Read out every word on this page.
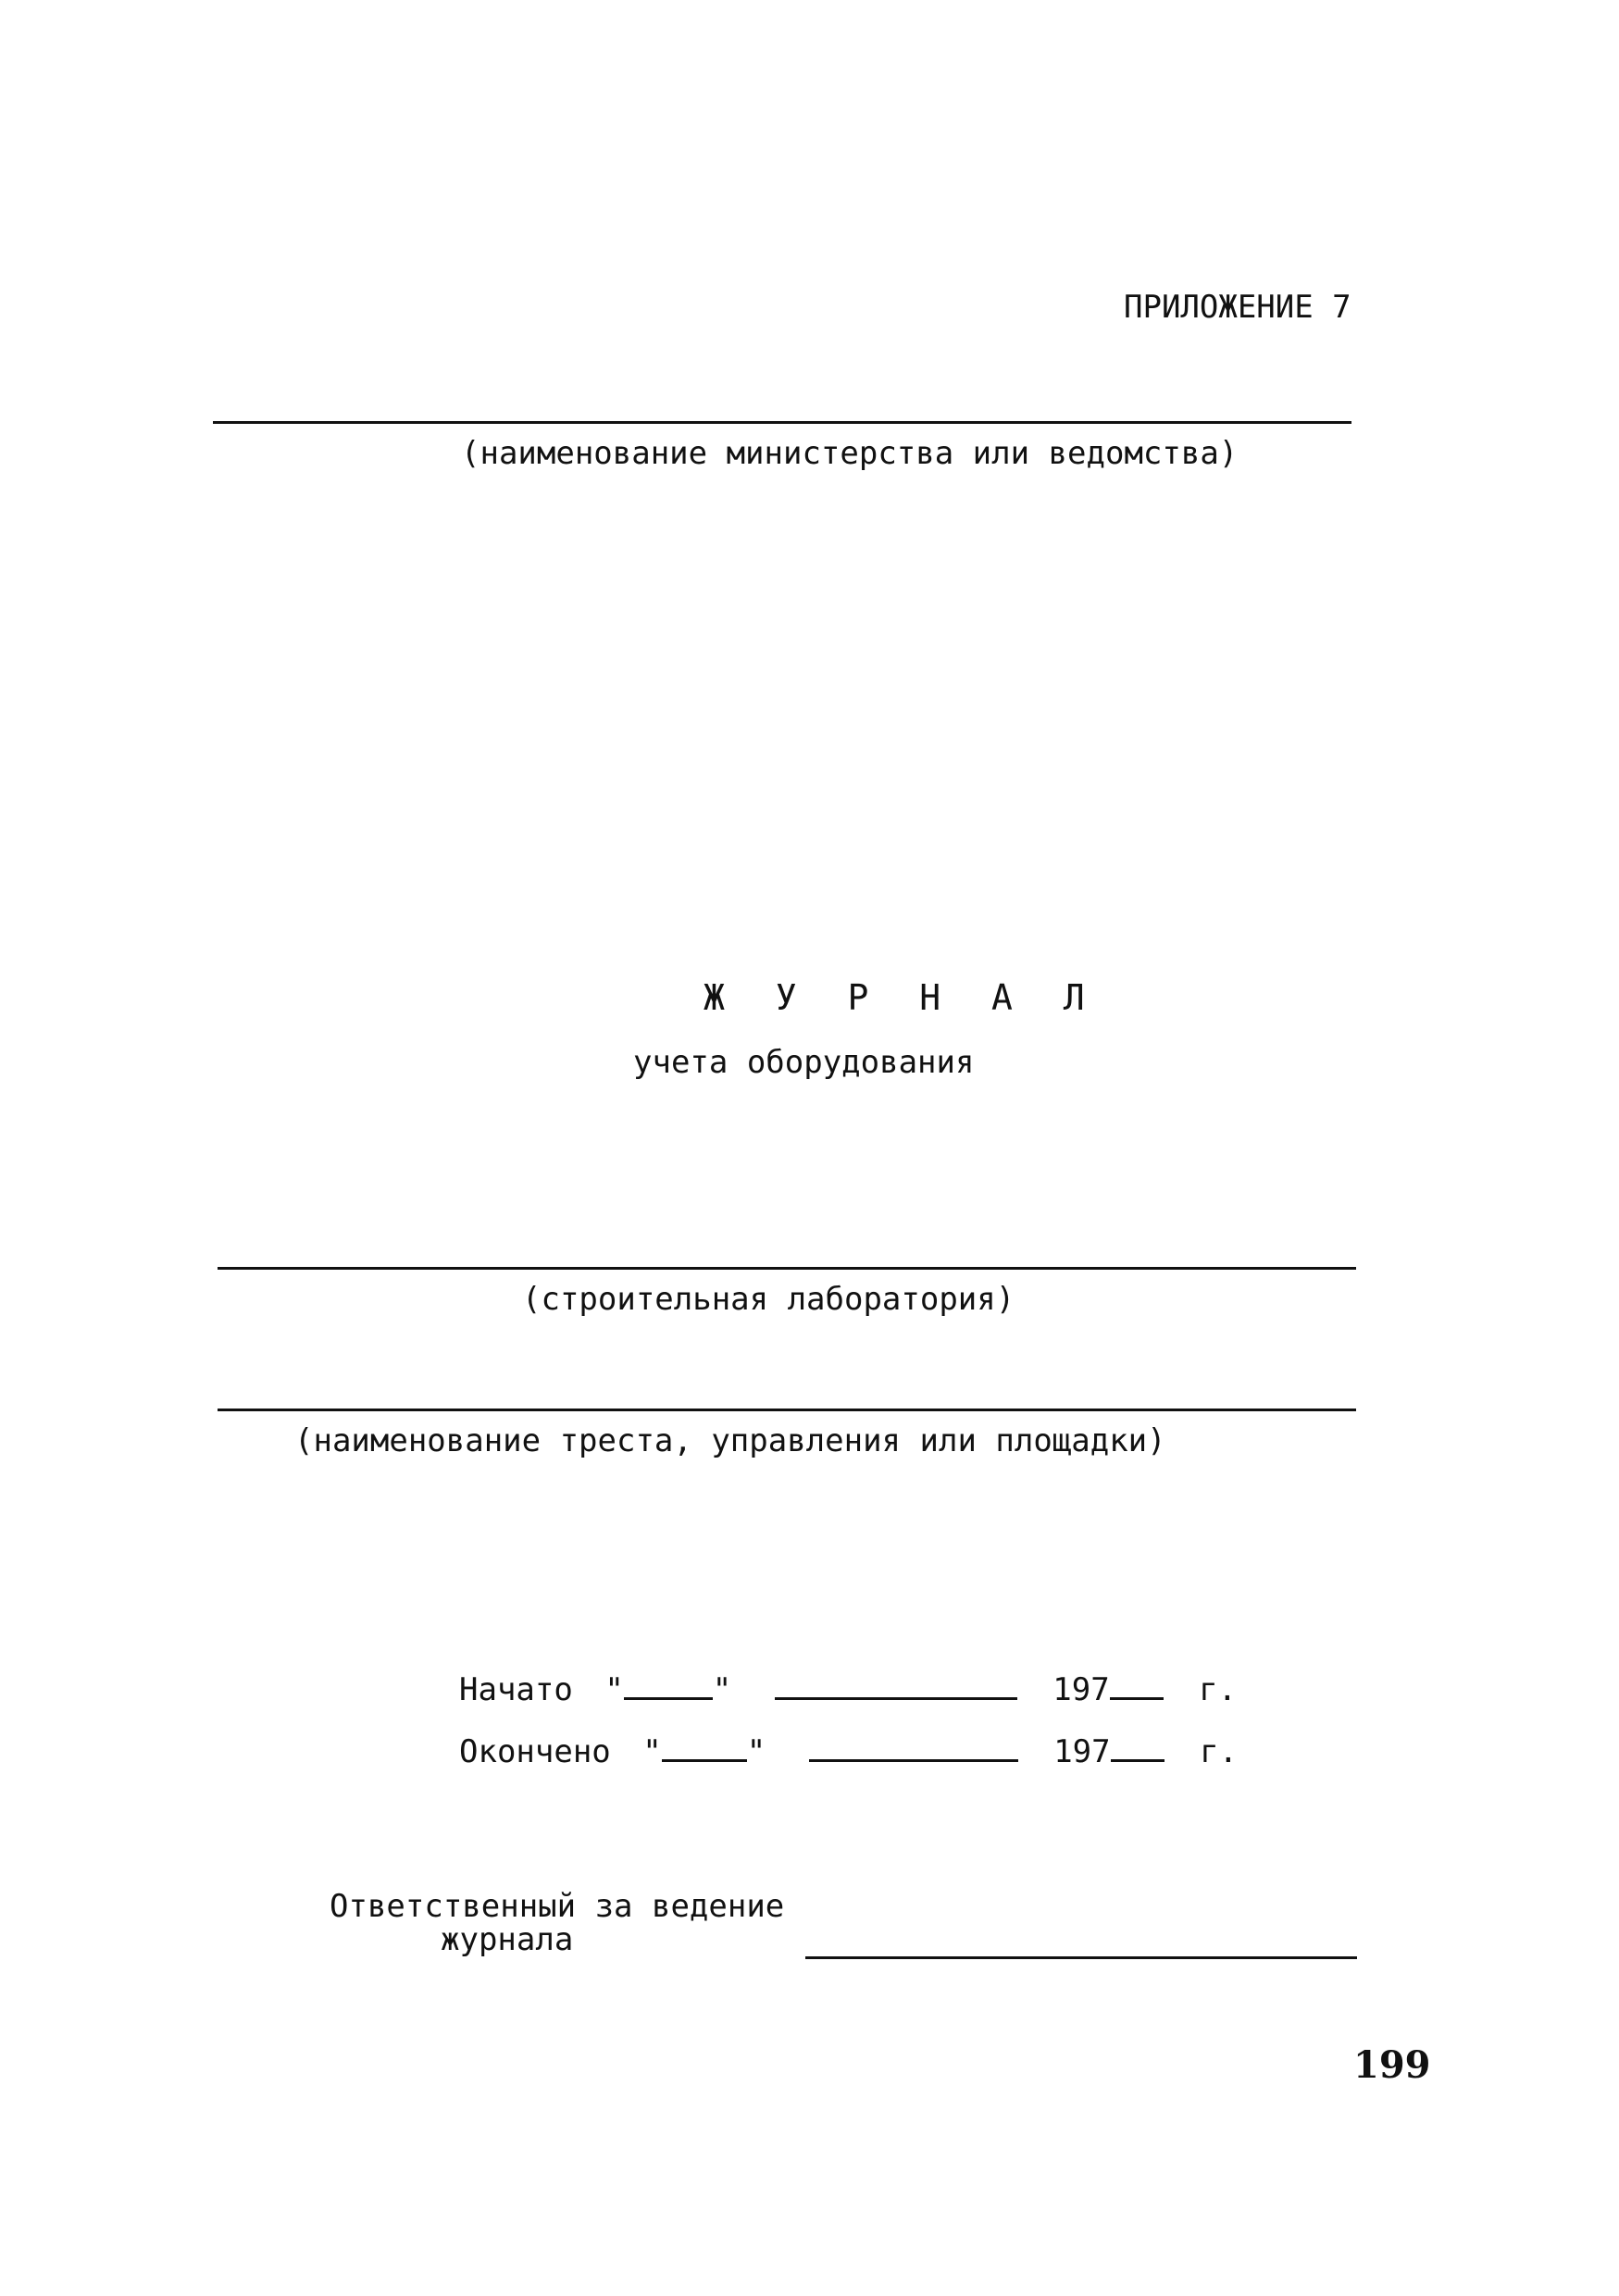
ПРИЛОЖЕНИЕ 7
(наименование министерства или ведомства)
Ж У Р Н А Л
учета оборудования
(строительная лаборатория)
(наименование треста, управления или площадки)
Начато "	"	197	г.
Окончено "	"	197	г.
Ответственный за ведение
журнала
199
